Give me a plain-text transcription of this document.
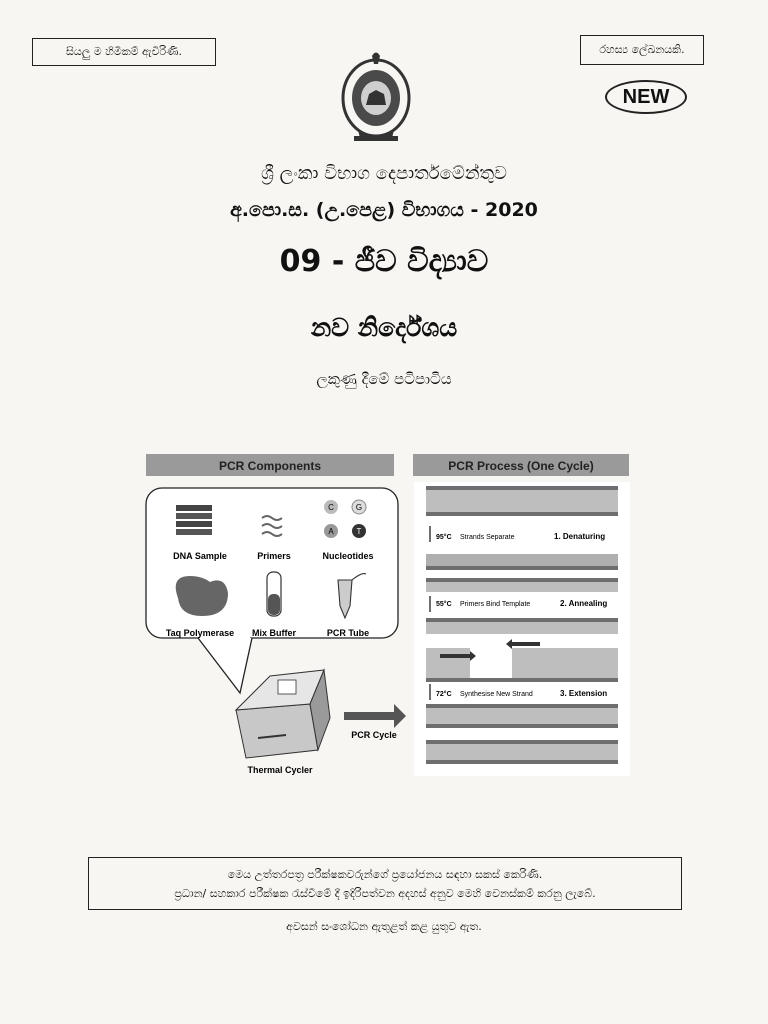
සියලු ම හිමිකම් ඇවිරිණි.	රහස්‍ය ලේඛනයකි.
NEW
ශ්‍රී ලංකා විභාග දෙපාර්තමේන්තුව
අ.පො.ස. (උ.පෙළ) විභාගය - 2020
09 - ජීව විද්‍යාව
නව නිර්දේශය
ලකුණු දීමේ පටිපාටිය
PCR Components	PCR Process (One Cycle)
DNA Sample	Primers
C	G
A	T
Nucleotides
Taq Polymerase Mix Buffer	PCR Tube
Thermal Cycler
PCR Cycle
95°C Strands Separate	1. Denaturing
55°C Primers Bind Template	2. Annealing
72°C Synthesise New Strand	3. Extension
මෙය උත්තරපත්‍ර පරීක්ෂකවරුන්ගේ ප්‍රයෝජනය සඳහා සකස් කෙරිණි.
ප්‍රධාන/ සහකාර පරීක්ෂක රැස්වීමේ දී ඉදිරිපත්වන අදහස් අනුව මෙහි වෙනස්කම් කරනු ලැබේ.
අවසන් සංශෝධන ඇතුළත් කළ යුතුව ඇත.
